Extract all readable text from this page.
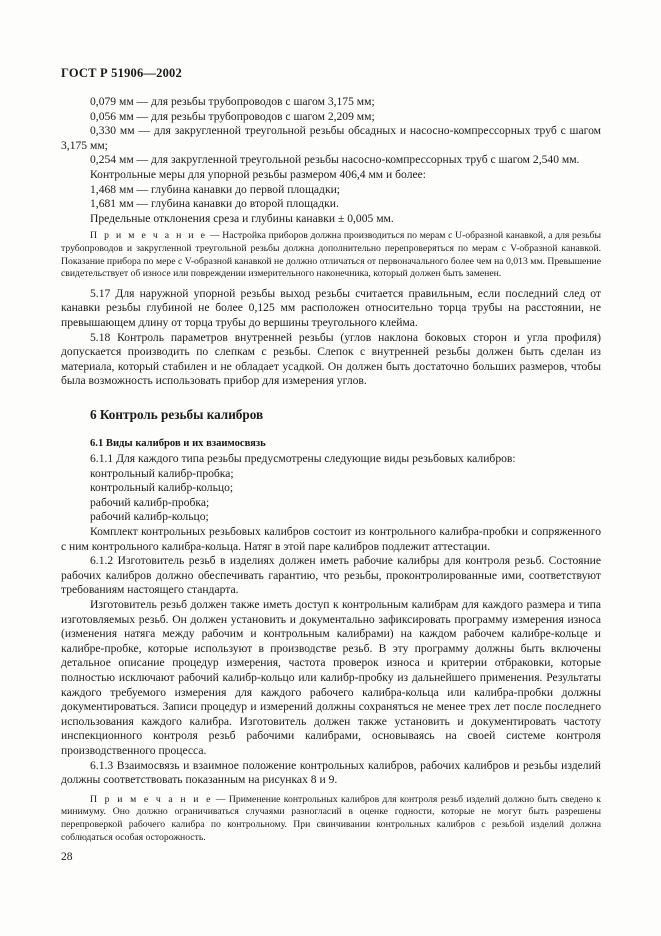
ГОСТ Р 51906—2002

0,079 мм — для резьбы трубопроводов с шагом 3,175 мм;

0,056 мм — для резьбы трубопроводов с шагом 2,209 мм;

0,330 мм — для закругленной треугольной резьбы обсадных и насосно-компрессорных труб с шагом 3,175 мм;

0,254 мм — для закругленной треугольной резьбы насосно-компрессорных труб с шагом 2,540 мм.

Контрольные меры для упорной резьбы размером 406,4 мм и более:

1,468 мм — глубина канавки до первой площадки;

1,681 мм — глубина канавки до второй площадки.

Предельные отклонения среза и глубины канавки ± 0,005 мм.

П р и м е ч а н и е — Настройка приборов должна производиться по мерам с U-образной канавкой, а для резьбы трубопроводов и закругленной треугольной резьбы должна дополнительно перепроверяться по мерам с V-образной канавкой. Показание прибора по мере с V-образной канавкой не должно отличаться от первоначального более чем на 0,013 мм. Превышение свидетельствует об износе или повреждении измерительного наконечника, который должен быть заменен.

5.17 Для наружной упорной резьбы выход резьбы считается правильным, если последний след от канавки резьбы глубиной не более 0,125 мм расположен относительно торца трубы на расстоянии, не превышающем длину от торца трубы до вершины треугольного клейма.

5.18 Контроль параметров внутренней резьбы (углов наклона боковых сторон и угла профиля) допускается производить по слепкам с резьбы. Слепок с внутренней резьбы должен быть сделан из материала, который стабилен и не обладает усадкой. Он должен быть достаточно больших размеров, чтобы была возможность использовать прибор для измерения углов.

6 Контроль резьбы калибров

6.1 Виды калибров и их взаимосвязь

6.1.1 Для каждого типа резьбы предусмотрены следующие виды резьбовых калибров:

контрольный калибр-пробка;

контрольный калибр-кольцо;

рабочий калибр-пробка;

рабочий калибр-кольцо;

Комплект контрольных резьбовых калибров состоит из контрольного калибра-пробки и сопряженного с ним контрольного калибра-кольца. Натяг в этой паре калибров подлежит аттестации.

6.1.2 Изготовитель резьб в изделиях должен иметь рабочие калибры для контроля резьб. Состояние рабочих калибров должно обеспечивать гарантию, что резьбы, проконтролированные ими, соответствуют требованиям настоящего стандарта.

Изготовитель резьб должен также иметь доступ к контрольным калибрам для каждого размера и типа изготовляемых резьб. Он должен установить и документально зафиксировать программу измерения износа (изменения натяга между рабочим и контрольным калибрами) на каждом рабочем калибре-кольце и калибре-пробке, которые используют в производстве резьб. В эту программу должны быть включены детальное описание процедур измерения, частота проверок износа и критерии отбраковки, которые полностью исключают рабочий калибр-кольцо или калибр-пробку из дальнейшего применения. Результаты каждого требуемого измерения для каждого рабочего калибра-кольца или калибра-пробки должны документироваться. Записи процедур и измерений должны сохраняться не менее трех лет после последнего использования каждого калибра. Изготовитель должен также установить и документировать частоту инспекционного контроля резьб рабочими калибрами, основываясь на своей системе контроля производственного процесса.

6.1.3 Взаимосвязь и взаимное положение контрольных калибров, рабочих калибров и резьбы изделий должны соответствовать показанным на рисунках 8 и 9.

П р и м е ч а н и е — Применение контрольных калибров для контроля резьб изделий должно быть сведено к минимуму. Оно должно ограничиваться случаями разногласий в оценке годности, которые не могут быть разрешены перепроверкой рабочего калибра по контрольному. При свинчивании контрольных калибров с резьбой изделий должна соблюдаться особая осторожность.

28
